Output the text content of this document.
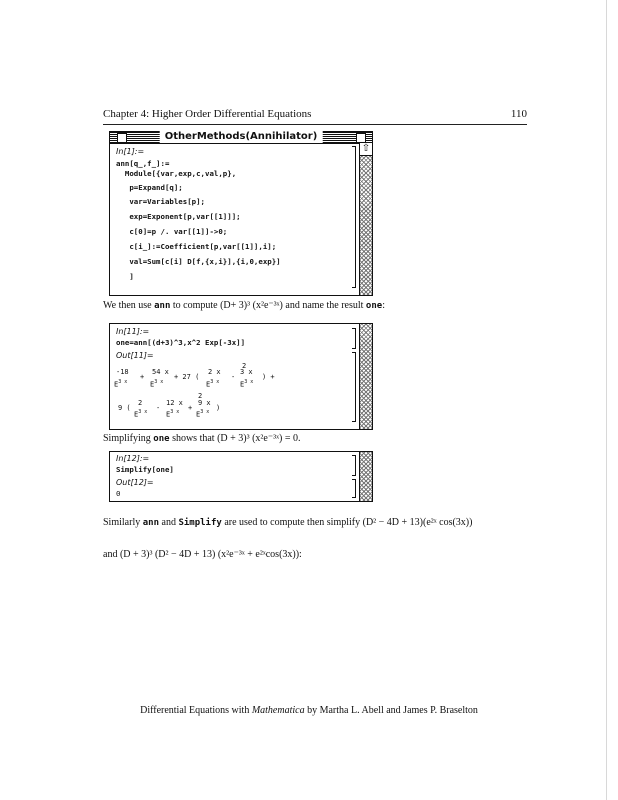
Chapter 4: Higher Order Differential Equations	110
OtherMethods(Annihilator)
⇧
In[1]:=
ann[q_,f_]:=
Module[{var,exp,c,val,p},
p=Expand[q];
var=Variables[p];
exp=Exponent[p,var[[1]]];
c[0]=p /. var[[1]]->0;
c[i_]:=Coefficient[p,var[[1]],i];
val=Sum[c[i] D[f,{x,i}],{i,0,exp}]
]

We then use ann to compute (D+ 3)³ (x²e⁻³ˣ) and name the result one:

In[11]:=
one=ann[(d+3)^3,x^2 Exp[-3x]]
Out[11]=
-18
$E^{3 x}$
+
54 x
$E^{3 x}$
+ 27 (
2 x
$E^{3 x}$
-
2
3 x
$E^{3 x}$
) +
9 (
2
$E^{3 x}$ -
12 x
$E^{3 x}$ +
2
9 x
$E^{3 x}$ )

Simplifying one shows that (D + 3)³ (x²e⁻³ˣ) = 0.

In[12]:=
Simplify[one]
Out[12]=
0

Similarly ann and Simplify are used to compute then simplify (D² − 4D + 13)(e²ˣ cos(3x))

and (D + 3)³ (D² − 4D + 13) (x²e⁻³ˣ + e²ˣcos(3x)):

Differential Equations with Mathematica by Martha L. Abell and James P. Braselton
